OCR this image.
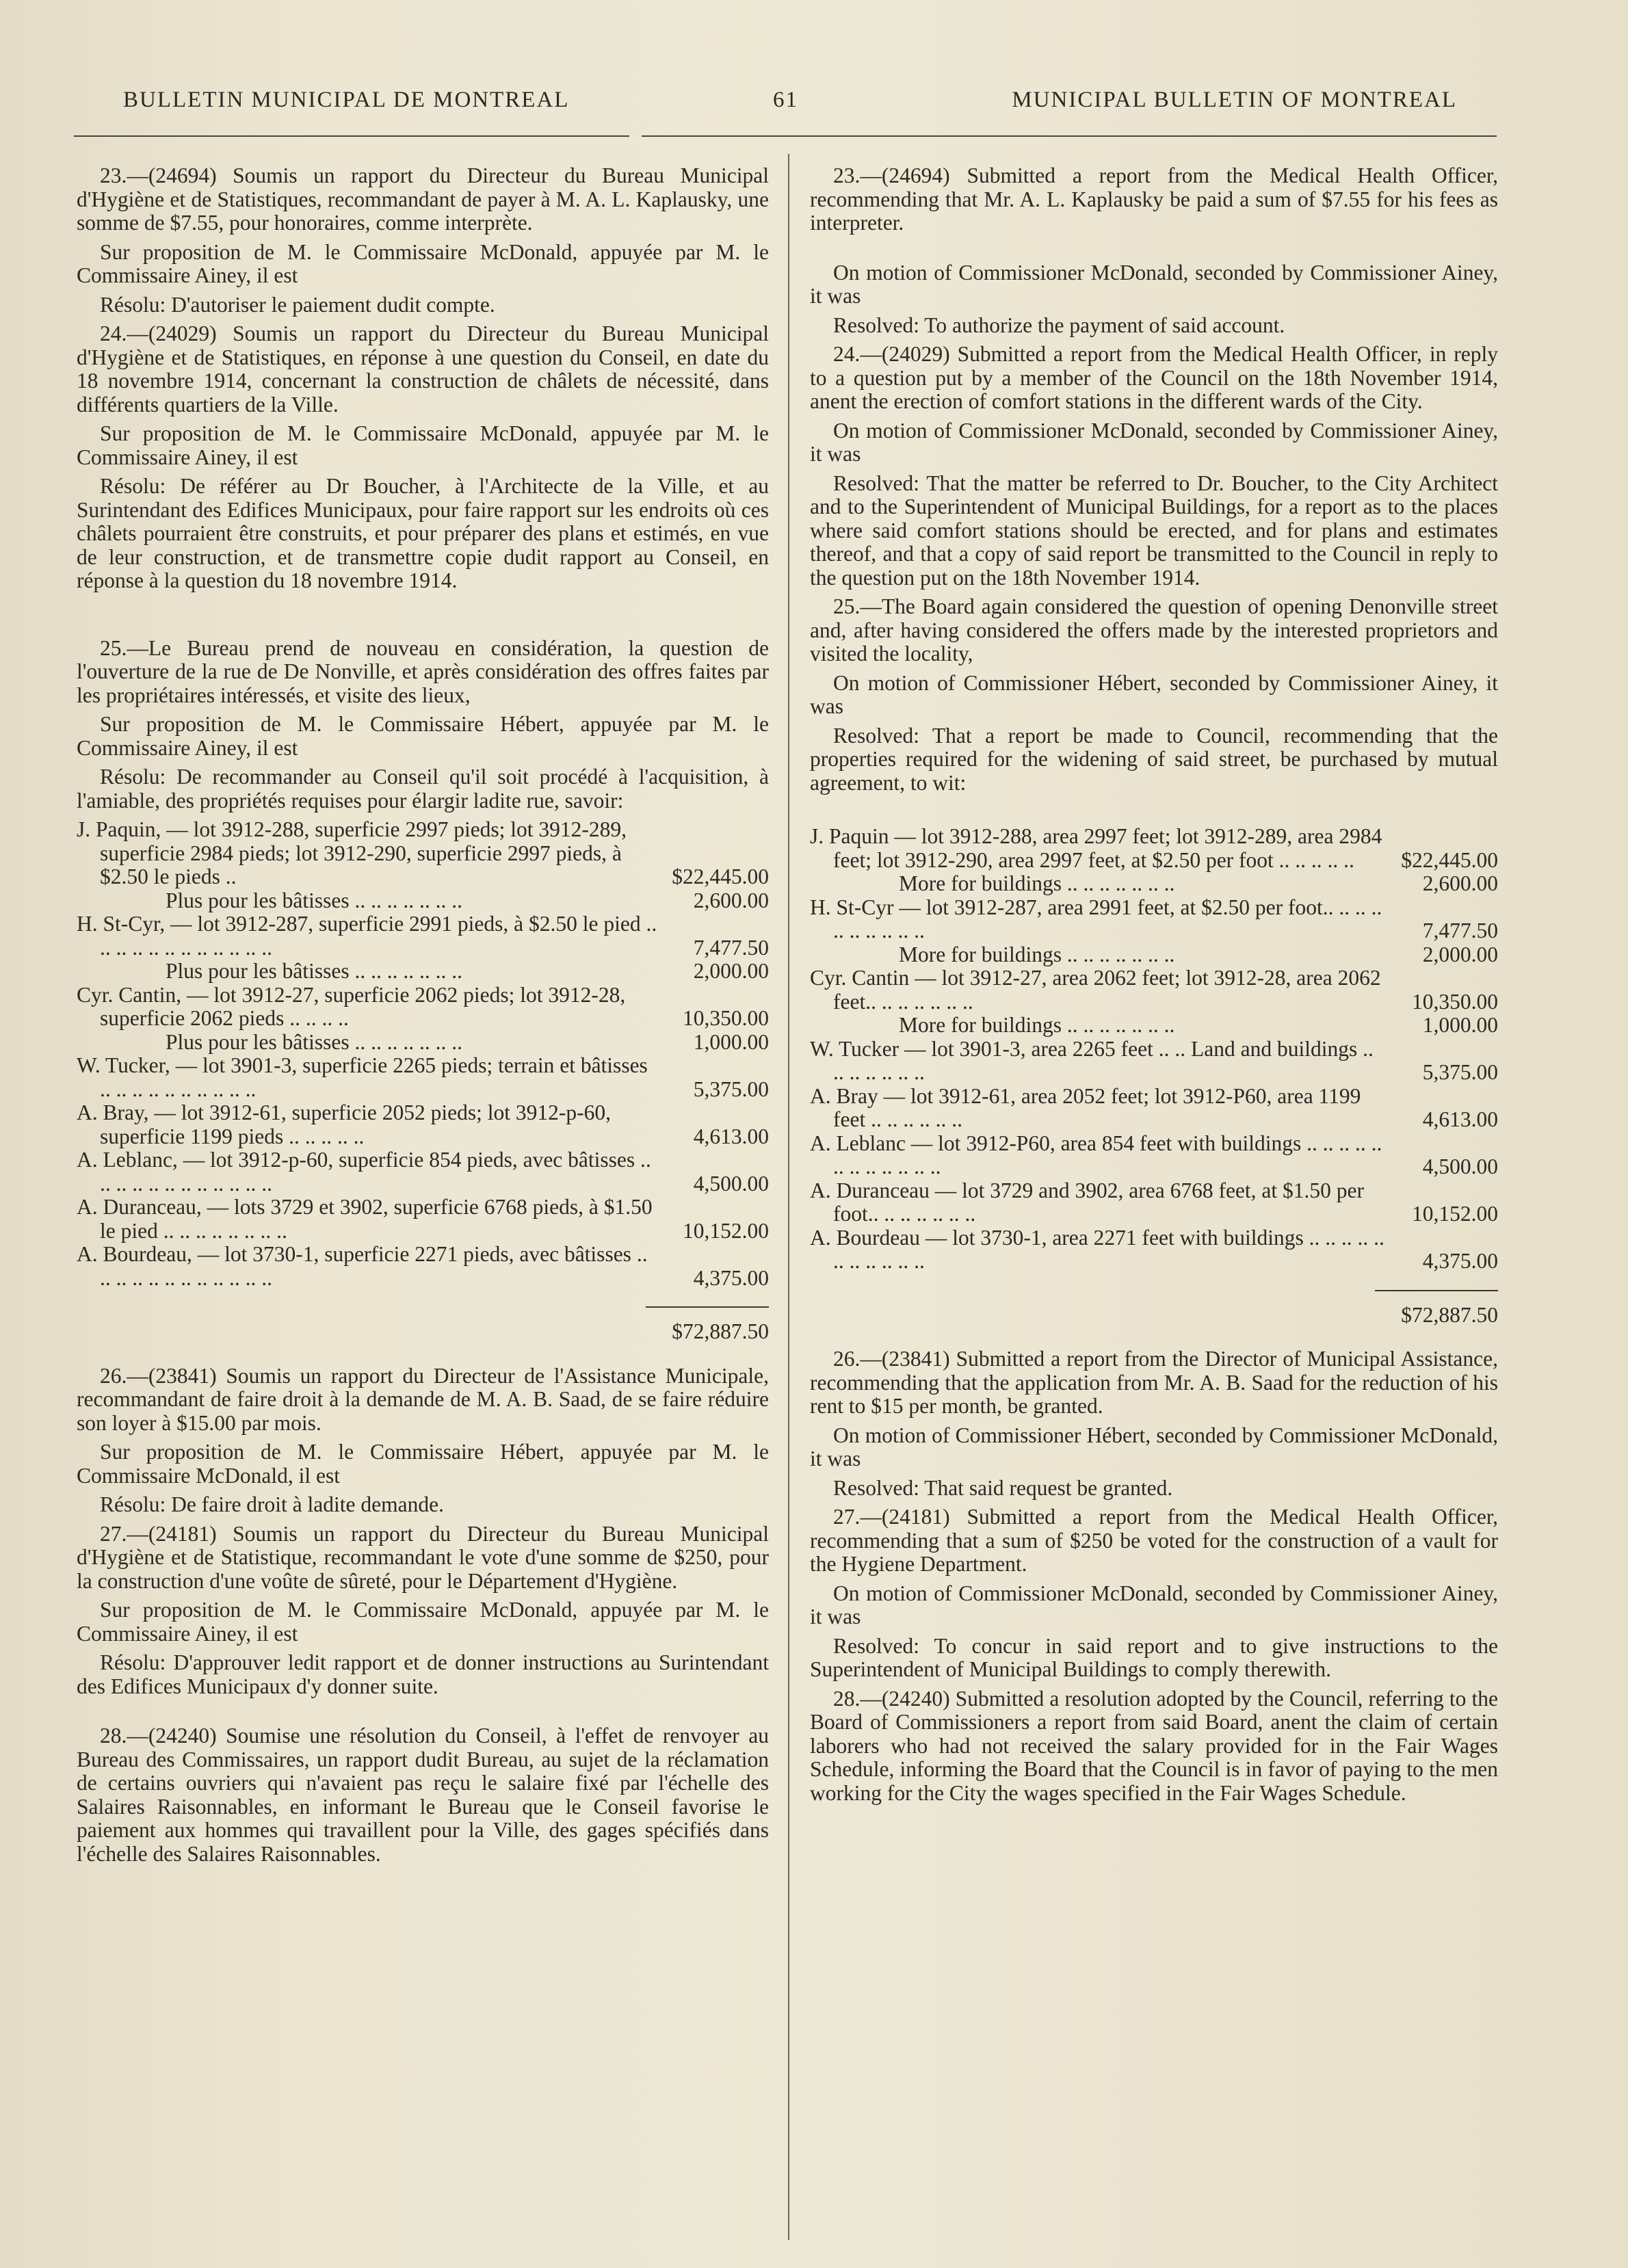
BULLETIN MUNICIPAL DE MONTREAL	61	MUNICIPAL BULLETIN OF MONTREAL

23.—(24694) Soumis un rapport du Directeur du Bureau Municipal d'Hygiène et de Statistiques, recommandant de payer à M. A. L. Kaplausky, une somme de $7.55, pour honoraires, comme interprète.

Sur proposition de M. le Commissaire McDonald, appuyée par M. le Commissaire Ainey, il est

Résolu: D'autoriser le paiement dudit compte.

24.—(24029) Soumis un rapport du Directeur du Bureau Municipal d'Hygiène et de Statistiques, en réponse à une question du Conseil, en date du 18 novembre 1914, concernant la construction de châlets de nécessité, dans différents quartiers de la Ville.

Sur proposition de M. le Commissaire McDonald, appuyée par M. le Commissaire Ainey, il est

Résolu: De référer au Dr Boucher, à l'Architecte de la Ville, et au Surintendant des Edifices Municipaux, pour faire rapport sur les endroits où ces châlets pourraient être construits, et pour préparer des plans et estimés, en vue de leur construction, et de transmettre copie dudit rapport au Conseil, en réponse à la question du 18 novembre 1914.

25.—Le Bureau prend de nouveau en considération, la question de l'ouverture de la rue de De Nonville, et après considération des offres faites par les propriétaires intéressés, et visite des lieux,

Sur proposition de M. le Commissaire Hébert, appuyée par M. le Commissaire Ainey, il est

Résolu: De recommander au Conseil qu'il soit procédé à l'acquisition, à l'amiable, des propriétés requises pour élargir ladite rue, savoir:

J. Paquin, — lot 3912-288, superficie 2997 pieds; lot 3912-289, superficie 2984 pieds; lot 3912-290, superficie 2997 pieds, à $2.50 le pieds ..	$22,445.00
Plus pour les bâtisses .. .. .. .. .. .. ..	2,600.00
H. St-Cyr, — lot 3912-287, superficie 2991 pieds, à $2.50 le pied .. .. .. .. .. .. .. .. .. .. .. ..	7,477.50
Plus pour les bâtisses .. .. .. .. .. .. ..	2,000.00
Cyr. Cantin, — lot 3912-27, superficie 2062 pieds; lot 3912-28, superficie 2062 pieds .. .. .. ..	10,350.00
Plus pour les bâtisses .. .. .. .. .. .. ..	1,000.00
W. Tucker, — lot 3901-3, superficie 2265 pieds; terrain et bâtisses .. .. .. .. .. .. .. .. .. ..	5,375.00
A. Bray, — lot 3912-61, superficie 2052 pieds; lot 3912-p-60, superficie 1199 pieds .. .. .. .. ..	4,613.00
A. Leblanc, — lot 3912-p-60, superficie 854 pieds, avec bâtisses .. .. .. .. .. .. .. .. .. .. .. ..	4,500.00
A. Duranceau, — lots 3729 et 3902, superficie 6768 pieds, à $1.50 le pied .. .. .. .. .. .. .. ..	10,152.00
A. Bourdeau, — lot 3730-1, superficie 2271 pieds, avec bâtisses .. .. .. .. .. .. .. .. .. .. .. ..	4,375.00
$72,887.50

26.—(23841) Soumis un rapport du Directeur de l'Assistance Municipale, recommandant de faire droit à la demande de M. A. B. Saad, de se faire réduire son loyer à $15.00 par mois.

Sur proposition de M. le Commissaire Hébert, appuyée par M. le Commissaire McDonald, il est

Résolu: De faire droit à ladite demande.

27.—(24181) Soumis un rapport du Directeur du Bureau Municipal d'Hygiène et de Statistique, recommandant le vote d'une somme de $250, pour la construction d'une voûte de sûreté, pour le Département d'Hygiène.

Sur proposition de M. le Commissaire McDonald, appuyée par M. le Commissaire Ainey, il est

Résolu: D'approuver ledit rapport et de donner instructions au Surintendant des Edifices Municipaux d'y donner suite.

28.—(24240) Soumise une résolution du Conseil, à l'effet de renvoyer au Bureau des Commissaires, un rapport dudit Bureau, au sujet de la réclamation de certains ouvriers qui n'avaient pas reçu le salaire fixé par l'échelle des Salaires Raisonnables, en informant le Bureau que le Conseil favorise le paiement aux hommes qui travaillent pour la Ville, des gages spécifiés dans l'échelle des Salaires Raisonnables.

23.—(24694) Submitted a report from the Medical Health Officer, recommending that Mr. A. L. Kaplausky be paid a sum of $7.55 for his fees as interpreter.

On motion of Commissioner McDonald, seconded by Commissioner Ainey, it was

Resolved: To authorize the payment of said account.

24.—(24029) Submitted a report from the Medical Health Officer, in reply to a question put by a member of the Council on the 18th November 1914, anent the erection of comfort stations in the different wards of the City.

On motion of Commissioner McDonald, seconded by Commissioner Ainey, it was

Resolved: That the matter be referred to Dr. Boucher, to the City Architect and to the Superintendent of Municipal Buildings, for a report as to the places where said comfort stations should be erected, and for plans and estimates thereof, and that a copy of said report be transmitted to the Council in reply to the question put on the 18th November 1914.

25.—The Board again considered the question of opening Denonville street and, after having considered the offers made by the interested proprietors and visited the locality,

On motion of Commissioner Hébert, seconded by Commissioner Ainey, it was

Resolved: That a report be made to Council, recommending that the properties required for the widening of said street, be purchased by mutual agreement, to wit:

J. Paquin — lot 3912-288, area 2997 feet; lot 3912-289, area 2984 feet; lot 3912-290, area 2997 feet, at $2.50 per foot .. .. .. .. ..	$22,445.00
More for buildings .. .. .. .. .. .. ..	2,600.00
H. St-Cyr — lot 3912-287, area 2991 feet, at $2.50 per foot.. .. .. .. .. .. .. .. .. ..	7,477.50
More for buildings .. .. .. .. .. .. ..	2,000.00
Cyr. Cantin — lot 3912-27, area 2062 feet; lot 3912-28, area 2062 feet.. .. .. .. .. .. ..	10,350.00
More for buildings .. .. .. .. .. .. ..	1,000.00
W. Tucker — lot 3901-3, area 2265 feet .. .. Land and buildings .. .. .. .. .. .. ..	5,375.00
A. Bray — lot 3912-61, area 2052 feet; lot 3912-P60, area 1199 feet .. .. .. .. .. ..	4,613.00
A. Leblanc — lot 3912-P60, area 854 feet with buildings .. .. .. .. .. .. .. .. .. .. .. ..	4,500.00
A. Duranceau — lot 3729 and 3902, area 6768 feet, at $1.50 per foot.. .. .. .. .. .. ..	10,152.00
A. Bourdeau — lot 3730-1, area 2271 feet with buildings .. .. .. .. .. .. .. .. .. .. ..	4,375.00
$72,887.50

26.—(23841) Submitted a report from the Director of Municipal Assistance, recommending that the application from Mr. A. B. Saad for the reduction of his rent to $15 per month, be granted.

On motion of Commissioner Hébert, seconded by Commissioner McDonald, it was

Resolved: That said request be granted.

27.—(24181) Submitted a report from the Medical Health Officer, recommending that a sum of $250 be voted for the construction of a vault for the Hygiene Department.

On motion of Commissioner McDonald, seconded by Commissioner Ainey, it was

Resolved: To concur in said report and to give instructions to the Superintendent of Municipal Buildings to comply therewith.

28.—(24240) Submitted a resolution adopted by the Council, referring to the Board of Commissioners a report from said Board, anent the claim of certain laborers who had not received the salary provided for in the Fair Wages Schedule, informing the Board that the Council is in favor of paying to the men working for the City the wages specified in the Fair Wages Schedule.
